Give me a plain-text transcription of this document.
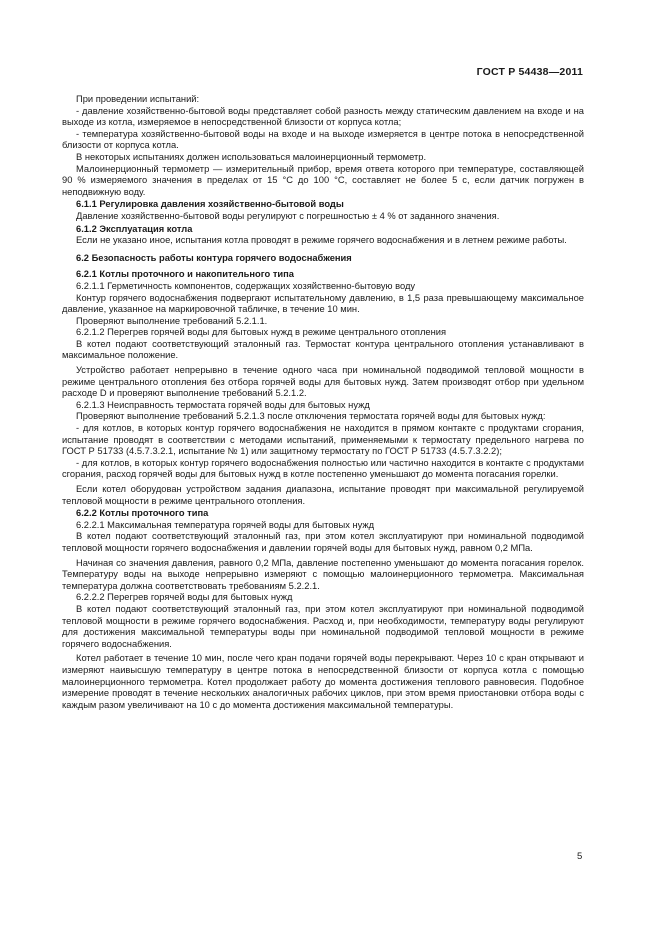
ГОСТ Р 54438—2011

При проведении испытаний:

- давление хозяйственно-бытовой воды представляет собой разность между статическим давлением на входе и на выходе из котла, измеряемое в непосредственной близости от корпуса котла;

- температура хозяйственно-бытовой воды на входе и на выходе измеряется в центре потока в непосредственной близости от корпуса котла.

В некоторых испытаниях должен использоваться малоинерционный термометр.

Малоинерционный термометр — измерительный прибор, время ответа которого при температуре, составляющей 90 % измеряемого значения в пределах от 15 °С до 100 °С, составляет не более 5 с, если датчик погружен в неподвижную воду.

6.1.1 Регулировка давления хозяйственно-бытовой воды

Давление хозяйственно-бытовой воды регулируют с погрешностью ± 4 % от заданного значения.

6.1.2 Эксплуатация котла

Если не указано иное, испытания котла проводят в режиме горячего водоснабжения и в летнем режиме работы.

6.2 Безопасность работы контура горячего водоснабжения

6.2.1 Котлы проточного и накопительного типа

6.2.1.1 Герметичность компонентов, содержащих хозяйственно-бытовую воду

Контур горячего водоснабжения подвергают испытательному давлению, в 1,5 раза превышающему максимальное давление, указанное на маркировочной табличке, в течение 10 мин.

Проверяют выполнение требований 5.2.1.1.

6.2.1.2 Перегрев горячей воды для бытовых нужд в режиме центрального отопления

В котел подают соответствующий эталонный газ. Термостат контура центрального отопления устанавливают в максимальное положение.

Устройство работает непрерывно в течение одного часа при номинальной подводимой тепловой мощности в режиме центрального отопления без отбора горячей воды для бытовых нужд. Затем производят отбор при удельном расходе D и проверяют выполнение требований 5.2.1.2.

6.2.1.3 Неисправность термостата горячей воды для бытовых нужд

Проверяют выполнение требований 5.2.1.3 после отключения термостата горячей воды для бытовых нужд:

- для котлов, в которых контур горячего водоснабжения не находится в прямом контакте с продуктами сгорания, испытание проводят в соответствии с методами испытаний, применяемыми к термостату предельного нагрева по ГОСТ Р 51733 (4.5.7.3.2.1, испытание № 1) или защитному термостату по ГОСТ Р 51733 (4.5.7.3.2.2);

- для котлов, в которых контур горячего водоснабжения полностью или частично находится в контакте с продуктами сгорания, расход горячей воды для бытовых нужд в котле постепенно уменьшают до момента погасания горелки.

Если котел оборудован устройством задания диапазона, испытание проводят при максимальной регулируемой тепловой мощности в режиме центрального отопления.

6.2.2 Котлы проточного типа

6.2.2.1 Максимальная температура горячей воды для бытовых нужд

В котел подают соответствующий эталонный газ, при этом котел эксплуатируют при номинальной подводимой тепловой мощности горячего водоснабжения и давлении горячей воды для бытовых нужд, равном 0,2 МПа.

Начиная со значения давления, равного 0,2 МПа, давление постепенно уменьшают до момента погасания горелок. Температуру воды на выходе непрерывно измеряют с помощью малоинерционного термометра. Максимальная температура должна соответствовать требованиям 5.2.2.1.

6.2.2.2 Перегрев горячей воды для бытовых нужд

В котел подают соответствующий эталонный газ, при этом котел эксплуатируют при номинальной подводимой тепловой мощности в режиме горячего водоснабжения. Расход и, при необходимости, температуру воды регулируют для достижения максимальной температуры воды при номинальной подводимой тепловой мощности в режиме горячего водоснабжения.

Котел работает в течение 10 мин, после чего кран подачи горячей воды перекрывают. Через 10 с кран открывают и измеряют наивысшую температуру в центре потока в непосредственной близости от корпуса котла с помощью малоинерционного термометра. Котел продолжает работу до момента достижения теплового равновесия. Подобное измерение проводят в течение нескольких аналогичных рабочих циклов, при этом время приостановки отбора воды с каждым разом увеличивают на 10 с до момента достижения максимальной температуры.

5
